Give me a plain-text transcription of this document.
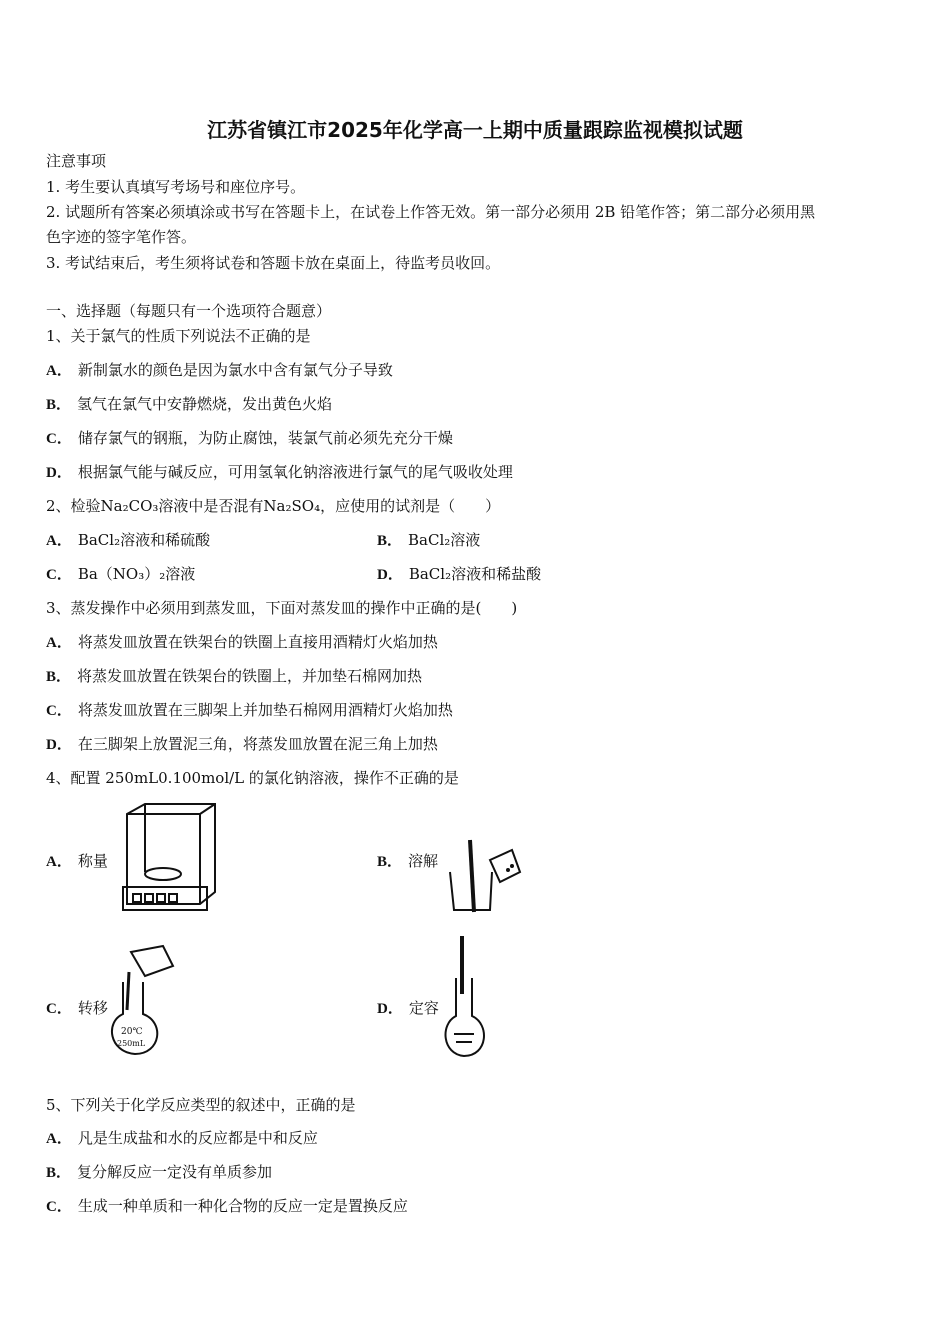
江苏省镇江市2025年化学高一上期中质量跟踪监视模拟试题
注意事项
1. 考生要认真填写考场号和座位序号。
2. 试题所有答案必须填涂或书写在答题卡上，在试卷上作答无效。第一部分必须用 2B 铅笔作答；第二部分必须用黑
色字迹的签字笔作答。
3. 考试结束后，考生须将试卷和答题卡放在桌面上，待监考员收回。
一、选择题（每题只有一个选项符合题意）
1、关于氯气的性质下列说法不正确的是
A． 新制氯水的颜色是因为氯水中含有氯气分子导致
B． 氢气在氯气中安静燃烧，发出黄色火焰
C． 储存氯气的钢瓶，为防止腐蚀，装氯气前必须先充分干燥
D． 根据氯气能与碱反应，可用氢氧化钠溶液进行氯气的尾气吸收处理
2、检验Na₂CO₃溶液中是否混有Na₂SO₄，应使用的试剂是（　　）
A． BaCl₂溶液和稀硫酸	B． BaCl₂溶液
C． Ba（NO₃）₂溶液	D． BaCl₂溶液和稀盐酸
3、蒸发操作中必须用到蒸发皿，下面对蒸发皿的操作中正确的是(　　)
A． 将蒸发皿放置在铁架台的铁圈上直接用酒精灯火焰加热
B． 将蒸发皿放置在铁架台的铁圈上，并加垫石棉网加热
C． 将蒸发皿放置在三脚架上并加垫石棉网用酒精灯火焰加热
D． 在三脚架上放置泥三角，将蒸发皿放置在泥三角上加热
4、配置 250mL0.100mol/L 的氯化钠溶液，操作不正确的是
A． 称量	B． 溶解
C． 转移	D． 定容
20℃
250mL
5、下列关于化学反应类型的叙述中，正确的是
A． 凡是生成盐和水的反应都是中和反应
B． 复分解反应一定没有单质参加
C． 生成一种单质和一种化合物的反应一定是置换反应
